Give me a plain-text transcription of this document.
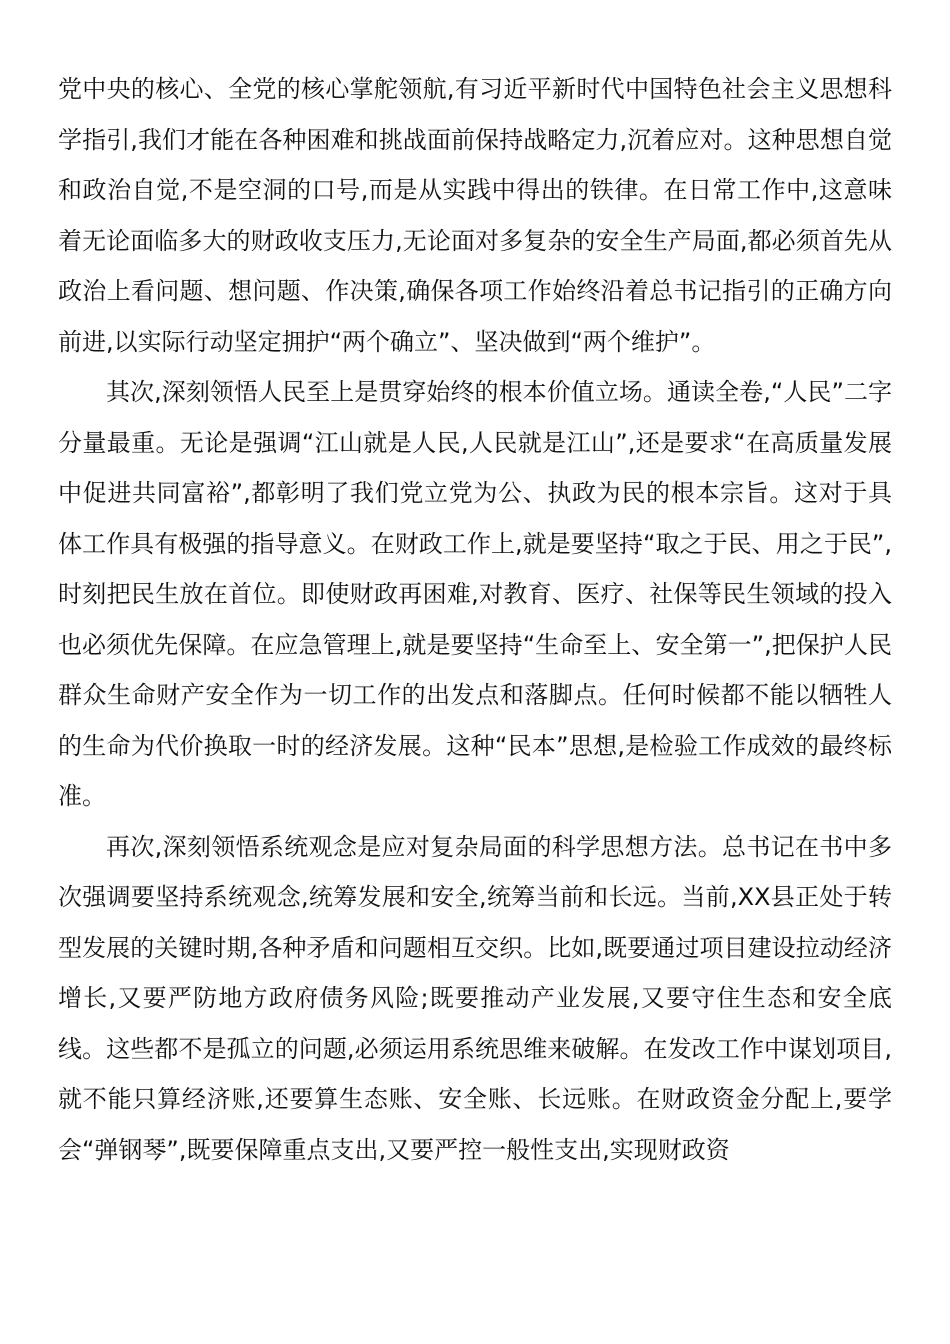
党中央的核心、全党的核心掌舵领航,有习近平新时代中国特色社会主义思想科学指引,我们才能在各种困难和挑战面前保持战略定力,沉着应对。这种思想自觉和政治自觉,不是空洞的口号,而是从实践中得出的铁律。在日常工作中,这意味着无论面临多大的财政收支压力,无论面对多复杂的安全生产局面,都必须首先从政治上看问题、想问题、作决策,确保各项工作始终沿着总书记指引的正确方向前进,以实际行动坚定拥护“两个确立”、坚决做到“两个维护”。

其次,深刻领悟人民至上是贯穿始终的根本价值立场。通读全卷,“人民”二字分量最重。无论是强调“江山就是人民,人民就是江山”,还是要求“在高质量发展中促进共同富裕”,都彰明了我们党立党为公、执政为民的根本宗旨。这对于具体工作具有极强的指导意义。在财政工作上,就是要坚持“取之于民、用之于民”,时刻把民生放在首位。即使财政再困难,对教育、医疗、社保等民生领域的投入也必须优先保障。在应急管理上,就是要坚持“生命至上、安全第一”,把保护人民群众生命财产安全作为一切工作的出发点和落脚点。任何时候都不能以牺牲人的生命为代价换取一时的经济发展。这种“民本”思想,是检验工作成效的最终标准。

再次,深刻领悟系统观念是应对复杂局面的科学思想方法。总书记在书中多次强调要坚持系统观念,统筹发展和安全,统筹当前和长远。当前,XX县正处于转型发展的关键时期,各种矛盾和问题相互交织。比如,既要通过项目建设拉动经济增长,又要严防地方政府债务风险;既要推动产业发展,又要守住生态和安全底线。这些都不是孤立的问题,必须运用系统思维来破解。在发改工作中谋划项目,就不能只算经济账,还要算生态账、安全账、长远账。在财政资金分配上,要学会“弹钢琴”,既要保障重点支出,又要严控一般性支出,实现财政资
